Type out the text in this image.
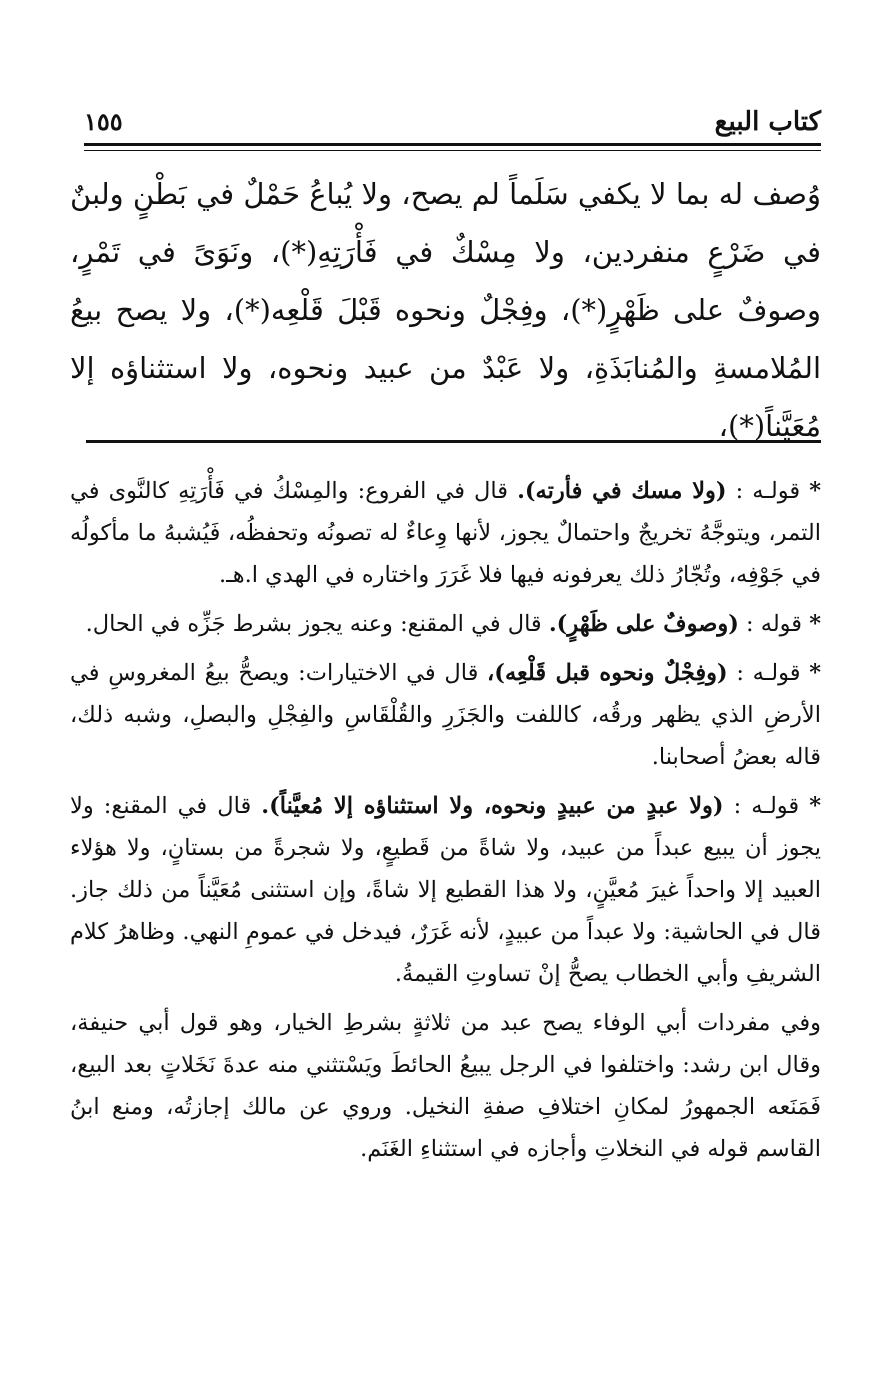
كتاب البيع
١٥٥

وُصف له بما لا يكفي سَلَماً لم يصح، ولا يُباعُ حَمْلٌ في بَطْنٍ ولبنٌ في ضَرْعٍ منفردين، ولا مِسْكٌ في فَأْرَتِهِ(*)، ونَوَىً في تَمْرٍ، وصوفٌ على ظَهْرٍ(*)، وفِجْلٌ ونحوه قَبْلَ قَلْعِه(*)، ولا يصح بيعُ المُلامسةِ والمُنابَذَةِ، ولا عَبْدٌ من عبيد ونحوه، ولا استثناؤه إلا مُعَيَّناً(*)،

* قولـه : (ولا مسك في فأرته). قال في الفروع: والمِسْكُ في فَأْرَتِهِ كالنَّوى في التمر، ويتوجَّهُ تخريجٌ واحتمالٌ يجوز، لأنها وِعاءٌ له تصونُه وتحفظُه، فَيُشبهُ ما مأكولُه في جَوْفِه، وتُجّارُ ذلك يعرفونه فيها فلا غَرَرَ واختاره في الهدي ا.هـ.

* قوله : (وصوفٌ على ظَهْرٍ). قال في المقنع: وعنه يجوز بشرط جَزِّه في الحال.

* قولـه : (وفِجْلٌ ونحوه قبل قَلْعِه)، قال في الاختيارات: ويصحُّ بيعُ المغروسِ في الأرضِ الذي يظهر ورقُه، كاللفت والجَزَرِ والقُلْقَاسِ والفِجْلِ والبصلِ، وشبه ذلك، قاله بعضُ أصحابنا.

* قولـه : (ولا عبدٍ من عبيدٍ ونحوه، ولا استثناؤه إلا مُعيَّناً). قال في المقنع: ولا يجوز أن يبيع عبداً من عبيد، ولا شاةً من قَطيعٍ، ولا شجرةً من بستانٍ، ولا هؤلاء العبيد إلا واحداً غيرَ مُعيَّنٍ، ولا هذا القطيع إلا شاةً، وإن استثنى مُعَيَّناً من ذلك جاز. قال في الحاشية: ولا عبداً من عبيدٍ، لأنه غَرَرٌ، فيدخل في عمومِ النهي. وظاهرُ كلام الشريفِ وأبي الخطاب يصحُّ إنْ تساوتِ القيمةُ.

وفي مفردات أبي الوفاء يصح عبد من ثلاثةٍ بشرطِ الخيار، وهو قول أبي حنيفة، وقال ابن رشد: واختلفوا في الرجل يبيعُ الحائطَ ويَسْتثني منه عدةَ نَخَلاتٍ بعد البيع، فَمَنَعه الجمهورُ لمكانِ اختلافِ صفةِ النخيل. وروي عن مالك إجازتُه، ومنع ابنُ القاسم قوله في النخلاتِ وأجازه في استثناءِ الغَنَم.
